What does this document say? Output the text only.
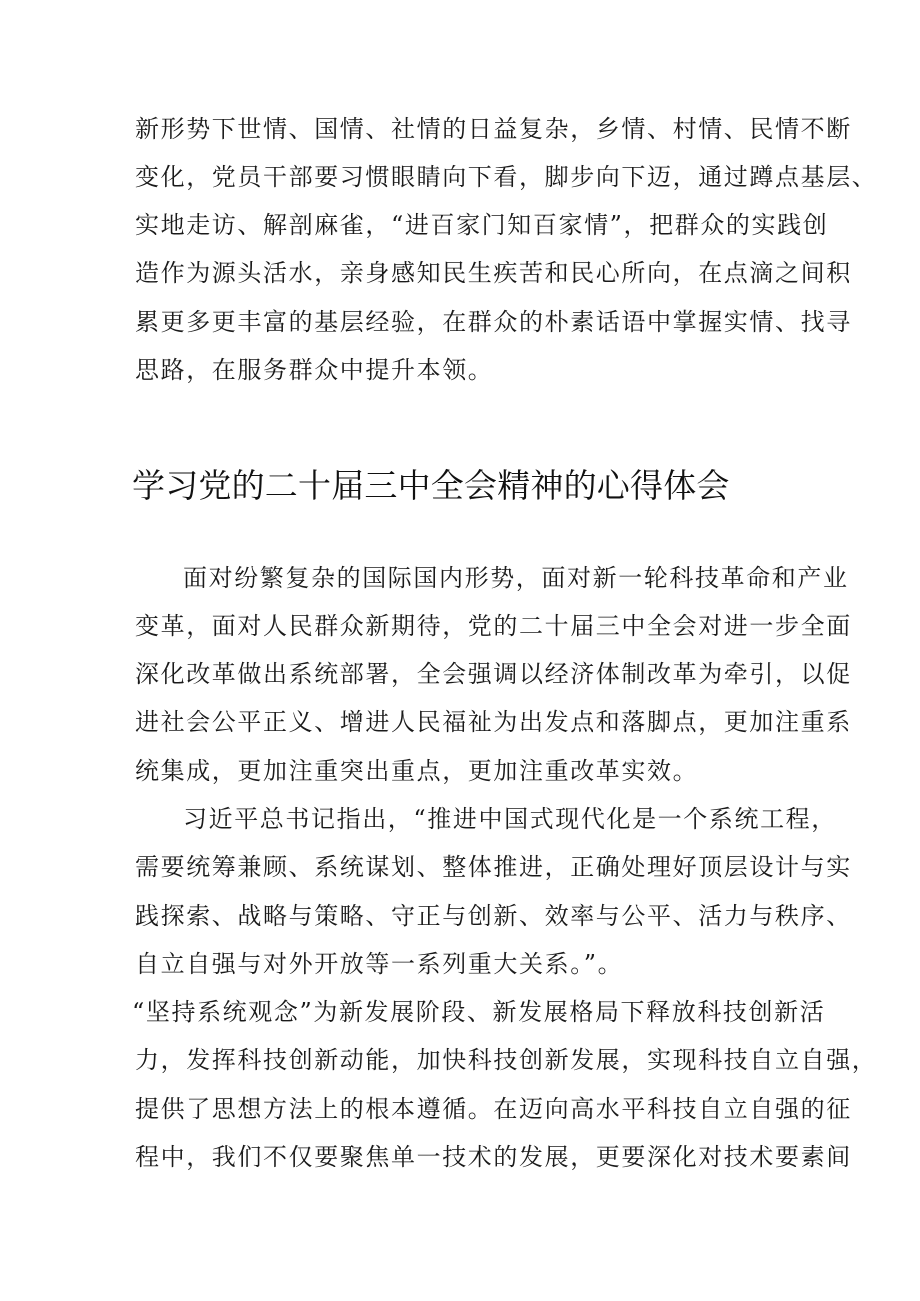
新形势下世情、国情、社情的日益复杂，乡情、村情、民情不断
变化，党员干部要习惯眼睛向下看，脚步向下迈，通过蹲点基层、
实地走访、解剖麻雀，“进百家门知百家情”，把群众的实践创
造作为源头活水，亲身感知民生疾苦和民心所向，在点滴之间积
累更多更丰富的基层经验，在群众的朴素话语中掌握实情、找寻
思路，在服务群众中提升本领。
学习党的二十届三中全会精神的心得体会
面对纷繁复杂的国际国内形势，面对新一轮科技革命和产业
变革，面对人民群众新期待，党的二十届三中全会对进一步全面
深化改革做出系统部署，全会强调以经济体制改革为牵引，以促
进社会公平正义、增进人民福祉为出发点和落脚点，更加注重系
统集成，更加注重突出重点，更加注重改革实效。
习近平总书记指出，“推进中国式现代化是一个系统工程，
需要统筹兼顾、系统谋划、整体推进，正确处理好顶层设计与实
践探索、战略与策略、守正与创新、效率与公平、活力与秩序、
自立自强与对外开放等一系列重大关系。”。
“坚持系统观念”为新发展阶段、新发展格局下释放科技创新活
力，发挥科技创新动能，加快科技创新发展，实现科技自立自强，
提供了思想方法上的根本遵循。在迈向高水平科技自立自强的征
程中，我们不仅要聚焦单一技术的发展，更要深化对技术要素间
